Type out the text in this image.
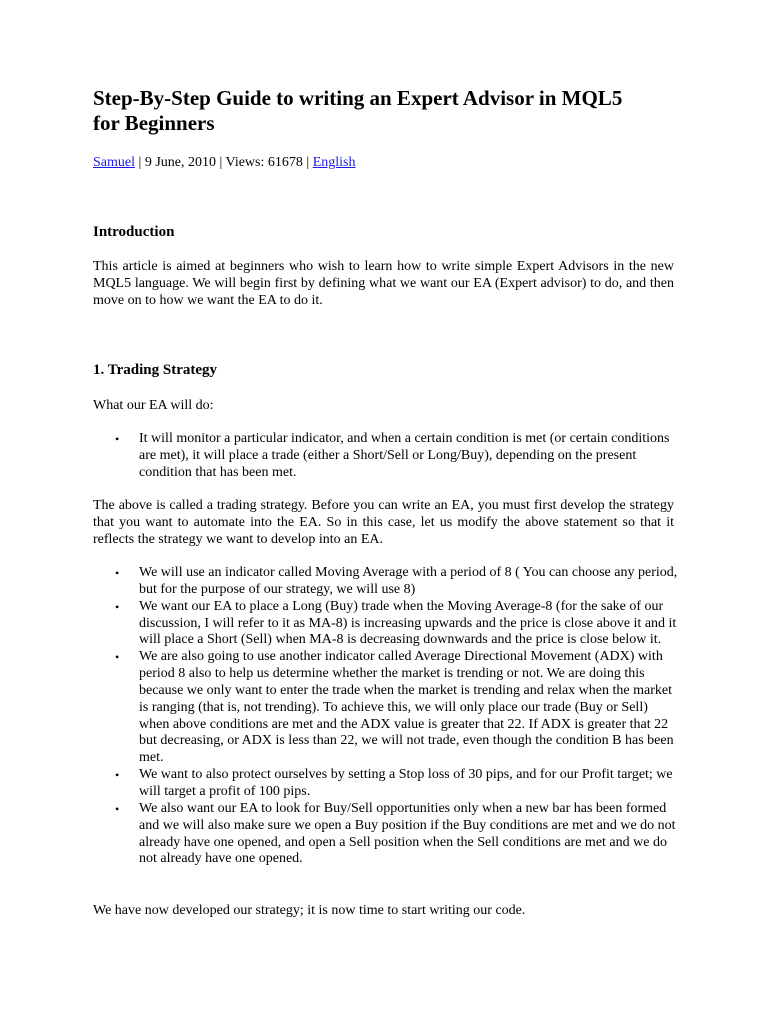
Step-By-Step Guide to writing an Expert Advisor in MQL5 for Beginners
Samuel | 9 June, 2010 | Views: 61678 | English
Introduction

This article is aimed at beginners who wish to learn how to write simple Expert Advisors in the new MQL5 language. We will begin first by defining what we want our EA (Expert advisor) to do, and then move on to how we want the EA to do it.

1. Trading Strategy

What our EA will do:

• It will monitor a particular indicator, and when a certain condition is met (or certain conditions are met), it will place a trade (either a Short/Sell or Long/Buy), depending on the present condition that has been met.

The above is called a trading strategy. Before you can write an EA, you must first develop the strategy that you want to automate into the EA. So in this case, let us modify the above statement so that it reflects the strategy we want to develop into an EA.

• We will use an indicator called Moving Average with a period of 8 ( You can choose any period, but for the purpose of our strategy, we will use 8)
• We want our EA to place a Long (Buy) trade when the Moving Average-8 (for the sake of our discussion, I will refer to it as MA-8) is increasing upwards and the price is close above it and it will place a Short (Sell) when MA-8 is decreasing downwards and the price is close below it.
• We are also going to use another indicator called Average Directional Movement (ADX) with period 8 also to help us determine whether the market is trending or not. We are doing this because we only want to enter the trade when the market is trending and relax when the market is ranging (that is, not trending). To achieve this, we will only place our trade (Buy or Sell) when above conditions are met and the ADX value is greater that 22. If ADX is greater that 22 but decreasing, or ADX is less than 22, we will not trade, even though the condition B has been met.
• We want to also protect ourselves by setting a Stop loss of 30 pips, and for our Profit target; we will target a profit of 100 pips.
• We also want our EA to look for Buy/Sell opportunities only when a new bar has been formed and we will also make sure we open a Buy position if the Buy conditions are met and we do not already have one opened, and open a Sell position when the Sell conditions are met and we do not already have one opened.

We have now developed our strategy; it is now time to start writing our code.
